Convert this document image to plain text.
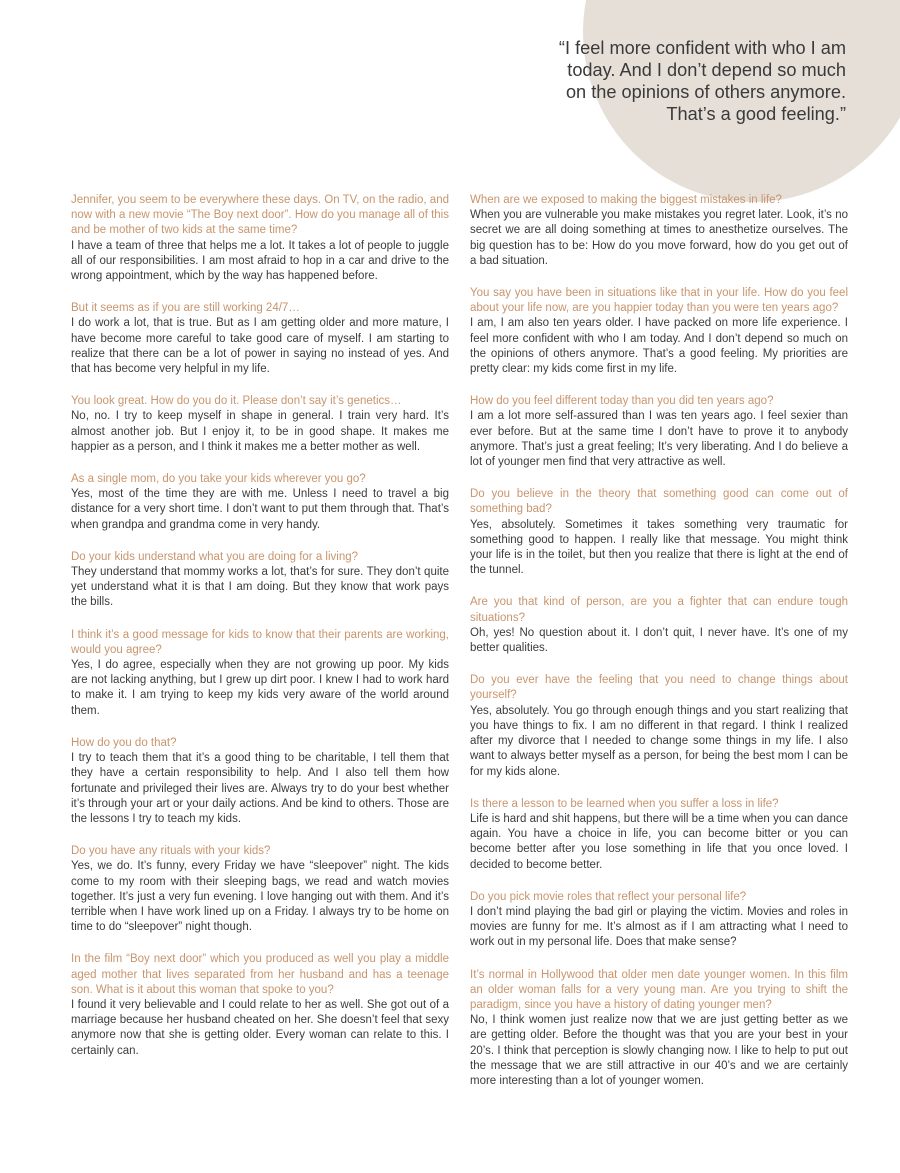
“I feel more confident with who I am today. And I don’t depend so much on the opinions of others anymore. That’s a good feeling.”

Jennifer, you seem to be everywhere these days. On TV, on the radio, and now with a new movie “The Boy next door”. How do you manage all of this and be mother of two kids at the same time?

I have a team of three that helps me a lot. It takes a lot of people to juggle all of our responsibilities. I am most afraid to hop in a car and drive to the wrong appointment, which by the way has happened before.

But it seems as if you are still working 24/7…

I do work a lot, that is true. But as I am getting older and more mature, I have become more careful to take good care of myself. I am starting to realize that there can be a lot of power in saying no instead of yes. And that has become very helpful in my life.

You look great. How do you do it. Please don’t say it’s genetics…

No, no. I try to keep myself in shape in general. I train very hard. It’s almost another job. But I enjoy it, to be in good shape. It makes me happier as a person, and I think it makes me a better mother as well.

As a single mom, do you take your kids wherever you go?

Yes, most of the time they are with me. Unless I need to travel a big distance for a very short time. I don’t want to put them through that. That’s when grandpa and grandma come in very handy.

Do your kids understand what you are doing for a living?

They understand that mommy works a lot, that’s for sure. They don’t quite yet understand what it is that I am doing. But they know that work pays the bills.

I think it’s a good message for kids to know that their parents are working, would you agree?

Yes, I do agree, especially when they are not growing up poor. My kids are not lacking anything, but I grew up dirt poor. I knew I had to work hard to make it. I am trying to keep my kids very aware of the world around them.

How do you do that?

I try to teach them that it’s a good thing to be charitable, I tell them that they have a certain responsibility to help. And I also tell them how fortunate and privileged their lives are. Always try to do your best whether it’s through your art or your daily actions. And be kind to others. Those are the lessons I try to teach my kids.

Do you have any rituals with your kids?

Yes, we do. It’s funny, every Friday we have “sleepover” night. The kids come to my room with their sleeping bags, we read and watch movies together. It’s just a very fun evening. I love hanging out with them. And it’s terrible when I have work lined up on a Friday. I always try to be home on time to do “sleepover” night though.

In the film “Boy next door” which you produced as well you play a middle aged mother that lives separated from her husband and has a teenage son. What is it about this woman that spoke to you?

I found it very believable and I could relate to her as well. She got out of a marriage because her husband cheated on her. She doesn’t feel that sexy anymore now that she is getting older. Every woman can relate to this. I certainly can.

When are we exposed to making the biggest mistakes in life?

When you are vulnerable you make mistakes you regret later. Look, it’s no secret we are all doing something at times to anesthetize ourselves. The big question has to be: How do you move forward, how do you get out of a bad situation.

You say you have been in situations like that in your life. How do you feel about your life now, are you happier today than you were ten years ago?

I am, I am also ten years older. I have packed on more life experience. I feel more confident with who I am today. And I don’t depend so much on the opinions of others anymore. That’s a good feeling. My priorities are pretty clear: my kids come first in my life.

How do you feel different today than you did ten years ago?

I am a lot more self-assured than I was ten years ago. I feel sexier than ever before. But at the same time I don’t have to prove it to anybody anymore. That’s just a great feeling; It’s very liberating. And I do believe a lot of younger men find that very attractive as well.

Do you believe in the theory that something good can come out of something bad?

Yes, absolutely. Sometimes it takes something very traumatic for something good to happen. I really like that message. You might think your life is in the toilet, but then you realize that there is light at the end of the tunnel.

Are you that kind of person, are you a fighter that can endure tough situations?

Oh, yes! No question about it. I don’t quit, I never have. It’s one of my better qualities.

Do you ever have the feeling that you need to change things about yourself?

Yes, absolutely. You go through enough things and you start realizing that you have things to fix. I am no different in that regard. I think I realized after my divorce that I needed to change some things in my life. I also want to always better myself as a person, for being the best mom I can be for my kids alone.

Is there a lesson to be learned when you suffer a loss in life?

Life is hard and shit happens, but there will be a time when you can dance again. You have a choice in life, you can become bitter or you can become better after you lose something in life that you once loved. I decided to become better.

Do you pick movie roles that reflect your personal life?

I don’t mind playing the bad girl or playing the victim. Movies and roles in movies are funny for me. It’s almost as if I am attracting what I need to work out in my personal life. Does that make sense?

It’s normal in Hollywood that older men date younger women. In this film an older woman falls for a very young man. Are you trying to shift the paradigm, since you have a history of dating younger men?

No, I think women just realize now that we are just getting better as we are getting older. Before the thought was that you are your best in your 20’s. I think that perception is slowly changing now. I like to help to put out the message that we are still attractive in our 40’s and we are certainly more interesting than a lot of younger women.
